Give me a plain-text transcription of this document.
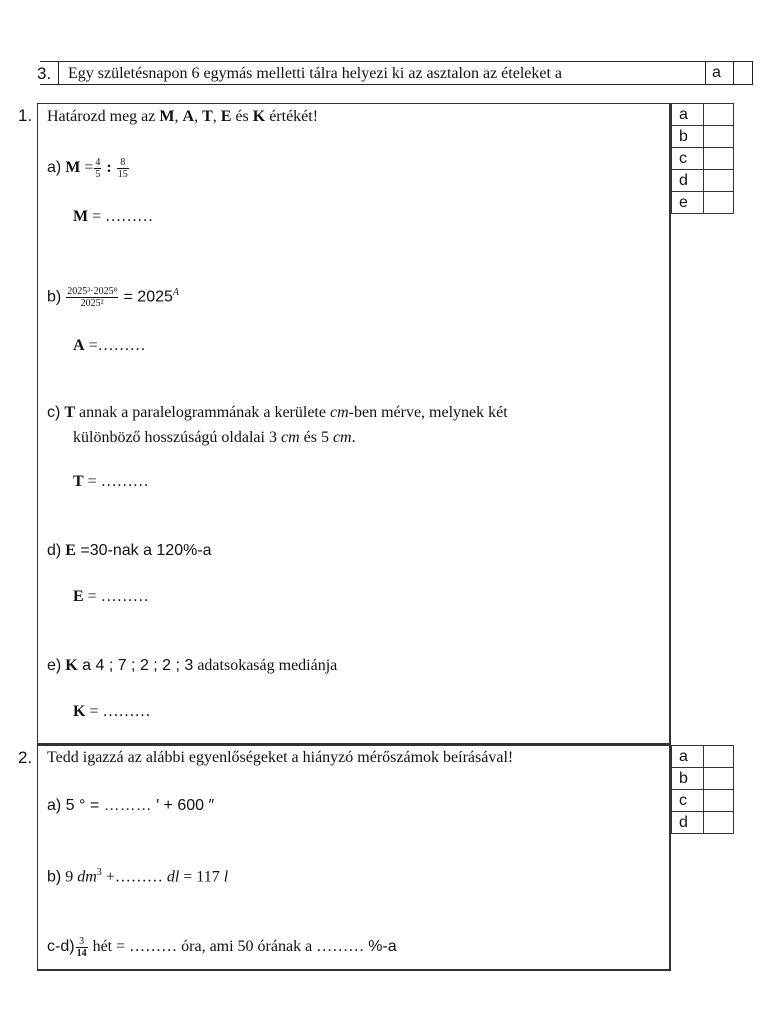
3. Egy születésnapon 6 egymás melletti tálra helyezi ki az asztalon az ételeket a	a
1. Határozd meg az M, A, T, E és K értékét!
a) $M = \frac{4}{5}$ : $\frac{8}{15}$
M = ………
$b) \frac{\text{2025³·2025⁸}}{\text{2025²}} = 2025^A$
A =………
c) T annak a paralelogrammának a kerülete cm-ben mérve, melynek két
különböző hosszúságú oldalai 3 cm és 5 cm.
T = ………
d) E =30-nak a 120%-a
E = ………
e) K a 4 ; 7 ; 2 ; 2 ; 3 adatsokaság mediánja
K = ………
a	
b	
c	
d	
e	
2. Tedd igazzá az alábbi egyenlőségeket a hiányzó mérőszámok beírásával!
a) 5 ° = ……… ′ + 600 ″
b) 9 $dm^3$ +……… dl = 117 l
$c-d) \frac{3}{14}$ hét = ……… óra, ami 50 órának a ……… %-a
a	
b	
c	
d	
